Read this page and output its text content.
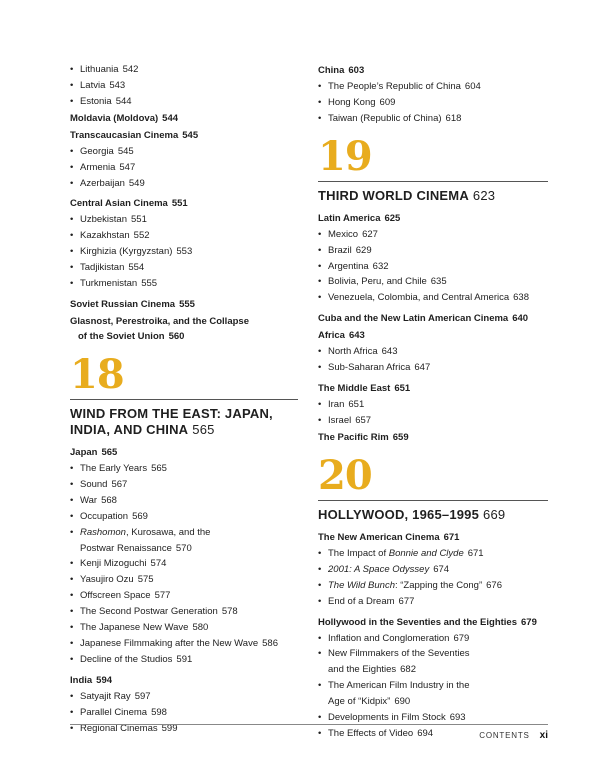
• Lithuania 542
• Latvia 543
• Estonia 544
Moldavia (Moldova) 544
Transcaucasian Cinema 545
• Georgia 545
• Armenia 547
• Azerbaijan 549
Central Asian Cinema 551
• Uzbekistan 551
• Kazakhstan 552
• Kirghizia (Kyrgyzstan) 553
• Tadjikistan 554
• Turkmenistan 555
Soviet Russian Cinema 555
Glasnost, Perestroika, and the Collapse
of the Soviet Union 560
18
WIND FROM THE EAST: JAPAN,
INDIA, AND CHINA 565
Japan 565
• The Early Years 565
• Sound 567
• War 568
• Occupation 569
• Rashomon, Kurosawa, and the
Postwar Renaissance 570
• Kenji Mizoguchi 574
• Yasujiro Ozu 575
• Offscreen Space 577
• The Second Postwar Generation 578
• The Japanese New Wave 580
• Japanese Filmmaking after the New Wave 586
• Decline of the Studios 591
India 594
• Satyajit Ray 597
• Parallel Cinema 598
• Regional Cinemas 599
China 603
• The People’s Republic of China 604
• Hong Kong 609
• Taiwan (Republic of China) 618
19
THIRD WORLD CINEMA 623
Latin America 625
• Mexico 627
• Brazil 629
• Argentina 632
• Bolivia, Peru, and Chile 635
• Venezuela, Colombia, and Central America 638
Cuba and the New Latin American Cinema 640
Africa 643
• North Africa 643
• Sub-Saharan Africa 647
The Middle East 651
• Iran 651
• Israel 657
The Pacific Rim 659
20
HOLLYWOOD, 1965–1995 669
The New American Cinema 671
• The Impact of Bonnie and Clyde 671
• 2001: A Space Odyssey 674
• The Wild Bunch: “Zapping the Cong” 676
• End of a Dream 677
Hollywood in the Seventies and the Eighties 679
• Inflation and Conglomeration 679
• New Filmmakers of the Seventies
and the Eighties 682
• The American Film Industry in the
Age of “Kidpix” 690
• Developments in Film Stock 693
• The Effects of Video 694	CONTENTS xi
